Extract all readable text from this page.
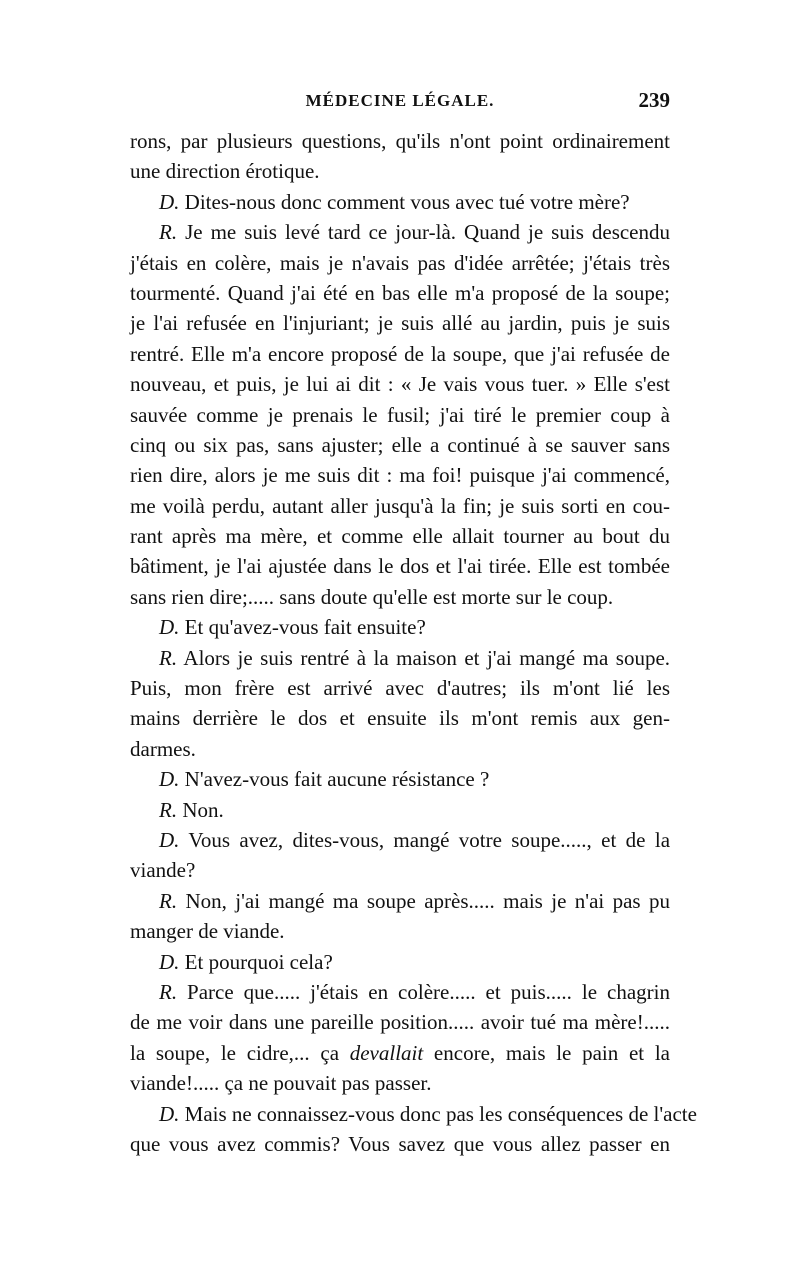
MÉDECINE LÉGALE.	239
rons, par plusieurs questions, qu'ils n'ont point ordinairement
une direction érotique.
D. Dites-nous donc comment vous avec tué votre mère?
R. Je me suis levé tard ce jour-là. Quand je suis descendu
j'étais en colère, mais je n'avais pas d'idée arrêtée; j'étais très
tourmenté. Quand j'ai été en bas elle m'a proposé de la soupe;
je l'ai refusée en l'injuriant; je suis allé au jardin, puis je suis
rentré. Elle m'a encore proposé de la soupe, que j'ai refusée de
nouveau, et puis, je lui ai dit : « Je vais vous tuer. » Elle s'est
sauvée comme je prenais le fusil; j'ai tiré le premier coup à
cinq ou six pas, sans ajuster; elle a continué à se sauver sans
rien dire, alors je me suis dit : ma foi! puisque j'ai commencé,
me voilà perdu, autant aller jusqu'à la fin; je suis sorti en cou-
rant après ma mère, et comme elle allait tourner au bout du
bâtiment, je l'ai ajustée dans le dos et l'ai tirée. Elle est tombée
sans rien dire;..... sans doute qu'elle est morte sur le coup.
D. Et qu'avez-vous fait ensuite?
R. Alors je suis rentré à la maison et j'ai mangé ma soupe.
Puis, mon frère est arrivé avec d'autres; ils m'ont lié les
mains derrière le dos et ensuite ils m'ont remis aux gen-
darmes.
D. N'avez-vous fait aucune résistance ?
R. Non.
D. Vous avez, dites-vous, mangé votre soupe....., et de la
viande?
R. Non, j'ai mangé ma soupe après..... mais je n'ai pas pu
manger de viande.
D. Et pourquoi cela?
R. Parce que..... j'étais en colère..... et puis..... le chagrin
de me voir dans une pareille position..... avoir tué ma mère!.....
la soupe, le cidre,... ça devallait encore, mais le pain et la
viande!..... ça ne pouvait pas passer.
D. Mais ne connaissez-vous donc pas les conséquences de l'acte
que vous avez commis? Vous savez que vous allez passer en
